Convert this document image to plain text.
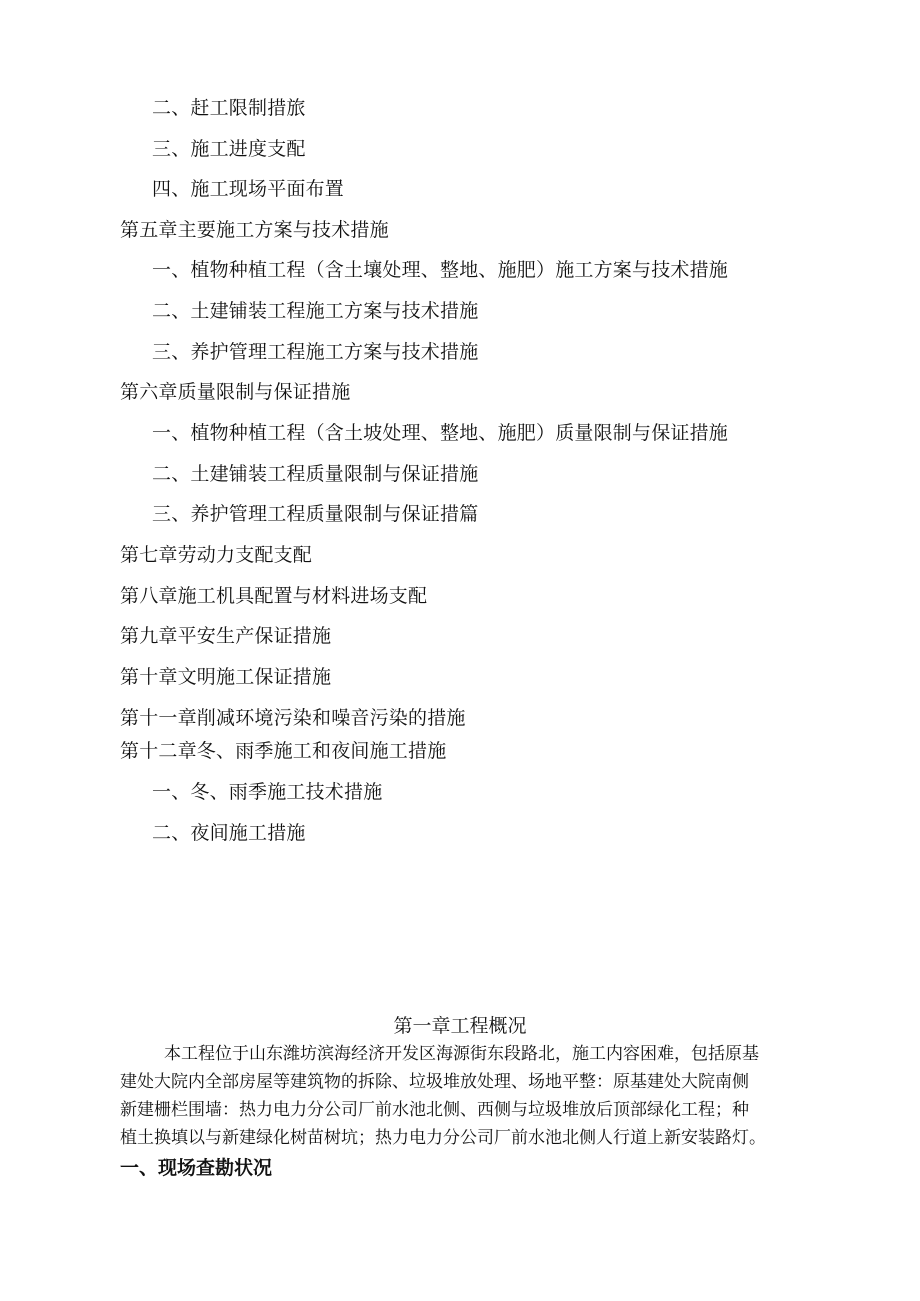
二、赶工限制措旅
三、施工进度支配
四、施工现场平面布置
第五章主要施工方案与技术措施
一、植物种植工程（含土壤处理、整地、施肥）施工方案与技术措施
二、土建铺装工程施工方案与技术措施
三、养护管理工程施工方案与技术措施
第六章质量限制与保证措施
一、植物种植工程（含土坡处理、整地、施肥）质量限制与保证措施
二、土建铺装工程质量限制与保证措施
三、养护管理工程质量限制与保证措篇
第七章劳动力支配支配
第八章施工机具配置与材料进场支配
第九章平安生产保证措施
第十章文明施工保证措施
第十一章削减环境污染和噪音污染的措施
第十二章冬、雨季施工和夜间施工措施
一、冬、雨季施工技术措施
二、夜间施工措施
第一章工程概况
本工程位于山东潍坊滨海经济开发区海源街东段路北，施工内容困难，包括原基
建处大院内全部房屋等建筑物的拆除、垃圾堆放处理、场地平整：原基建处大院南侧
新建栅栏围墙：热力电力分公司厂前水池北侧、西侧与垃圾堆放后顶部绿化工程；种
植土换填以与新建绿化树苗树坑；热力电力分公司厂前水池北侧人行道上新安装路灯。
一、现场查勘状况
